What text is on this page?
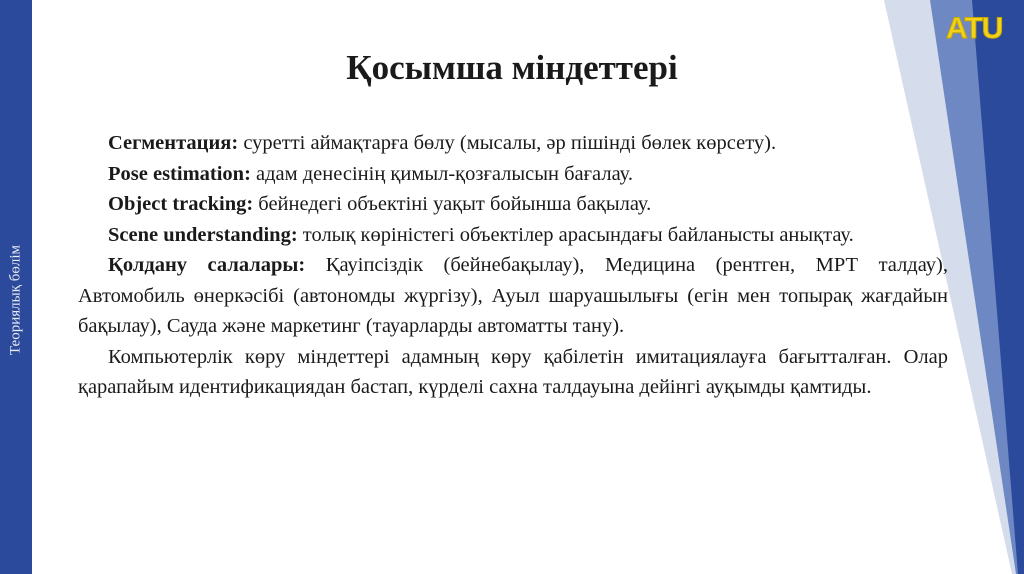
Теориялық бөлім
ATU
Қосымша міндеттері

Сегментация: суретті аймақтарға бөлу (мысалы, әр пішінді бөлек көрсету).

Pose estimation: адам денесінің қимыл-қозғалысын бағалау.

Object tracking: бейнедегі объектіні уақыт бойынша бақылау.

Scene understanding: толық көріністегі объектілер арасындағы байланысты анықтау.

Қолдану салалары: Қауіпсіздік (бейнебақылау), Медицина (рентген, МРТ талдау), Автомобиль өнеркәсібі (автономды жүргізу), Ауыл шаруашылығы (егін мен топырақ жағдайын бақылау), Сауда және маркетинг (тауарларды автоматты тану).

Компьютерлік көру міндеттері адамның көру қабілетін имитациялауға бағытталған. Олар қарапайым идентификациядан бастап, күрделі сахна талдауына дейінгі ауқымды қамтиды.
